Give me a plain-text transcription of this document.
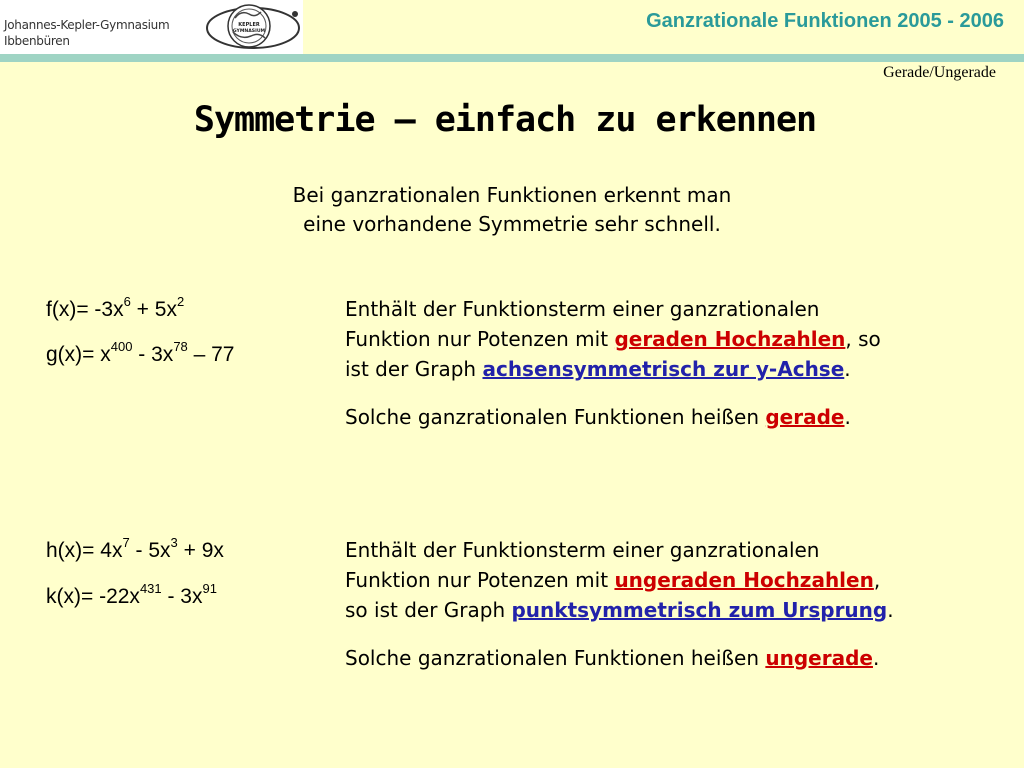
Johannes-Kepler-Gymnasium
Ibbenbüren
KEPLER
GYMNASIUM	Ganzrationale Funktionen 2005 - 2006
Gerade/Ungerade
Symmetrie – einfach zu erkennen
Bei ganzrationalen Funktionen erkennt man
eine vorhandene Symmetrie sehr schnell.
$f(x)= -3x^6 + 5x^2$
$g(x)= x^{400} - 3x^{78} - 77$

Enthält der Funktionsterm einer ganzrationalen
Funktion nur Potenzen mit geraden Hochzahlen, so
ist der Graph achsensymmetrisch zur y-Achse.

Solche ganzrationalen Funktionen heißen gerade.

$h(x)= 4x^7 - 5x^3 + 9x$
$k(x)= -22x^{431} - 3x^{91}$

Enthält der Funktionsterm einer ganzrationalen
Funktion nur Potenzen mit ungeraden Hochzahlen,
so ist der Graph punktsymmetrisch zum Ursprung.

Solche ganzrationalen Funktionen heißen ungerade.
